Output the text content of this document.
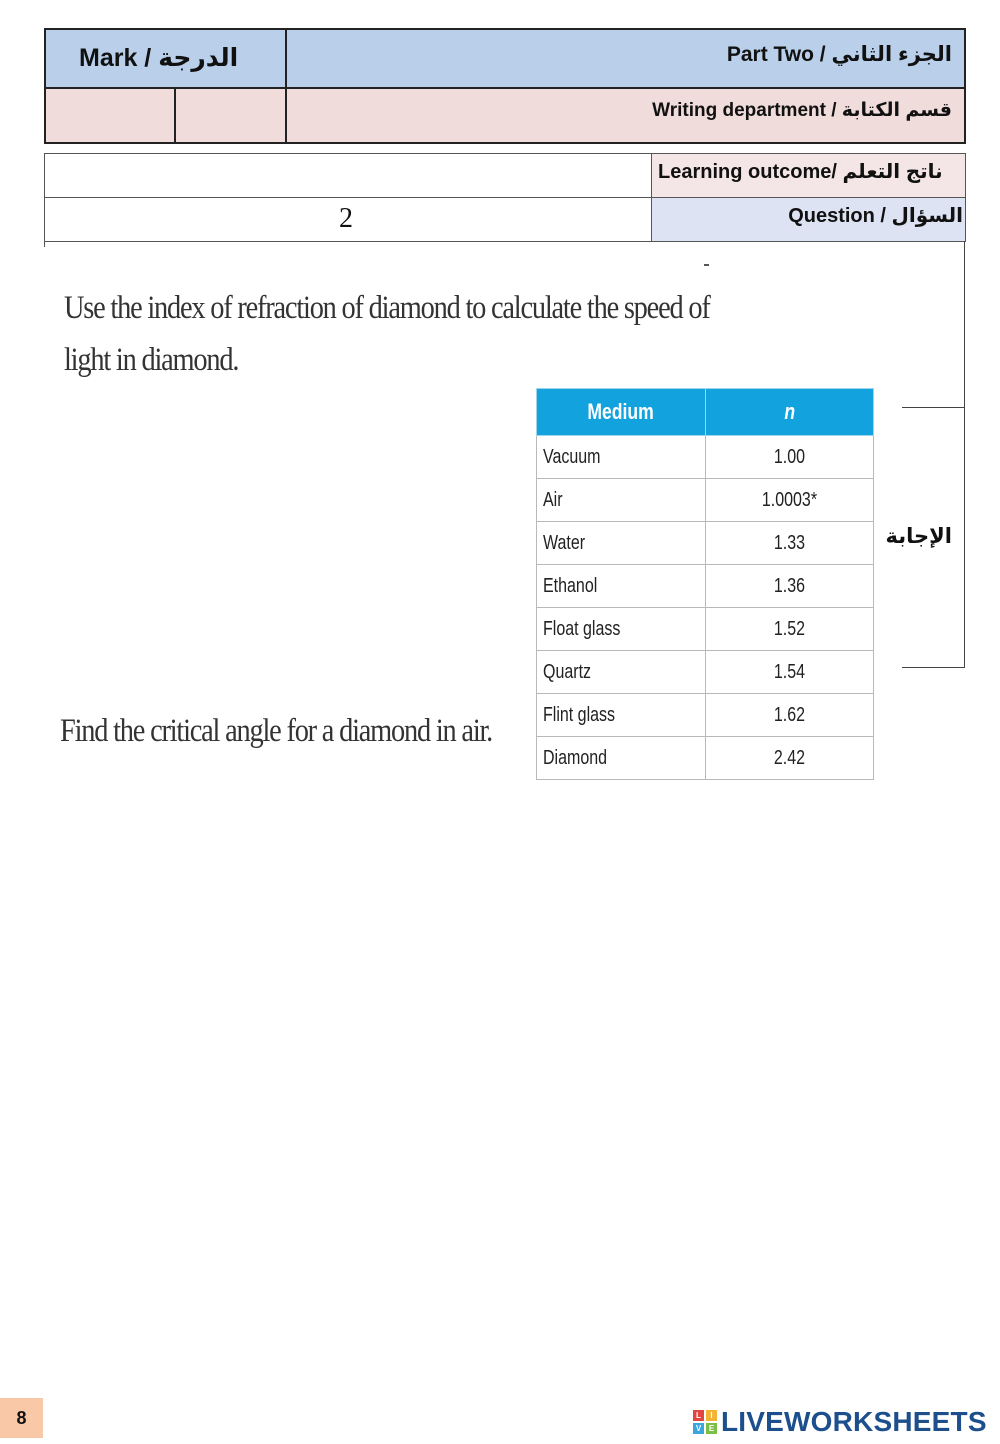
Mark / الدرجة	Part Two / الجزء الثاني
Writing department / قسم الكتابة
Learning outcome/ ناتج التعلم
2	Question / السؤال
الإجابة
Use the index of refraction of diamond to calculate the speed of
light in diamond.
Find the critical angle for a diamond in air.
Medium	n
Vacuum	1.00
Air	1.0003*
Water	1.33
Ethanol	1.36
Float glass	1.52
Quartz	1.54
Flint glass	1.62
Diamond	2.42
8	L	I
V E LIVEWORKSHEETS
